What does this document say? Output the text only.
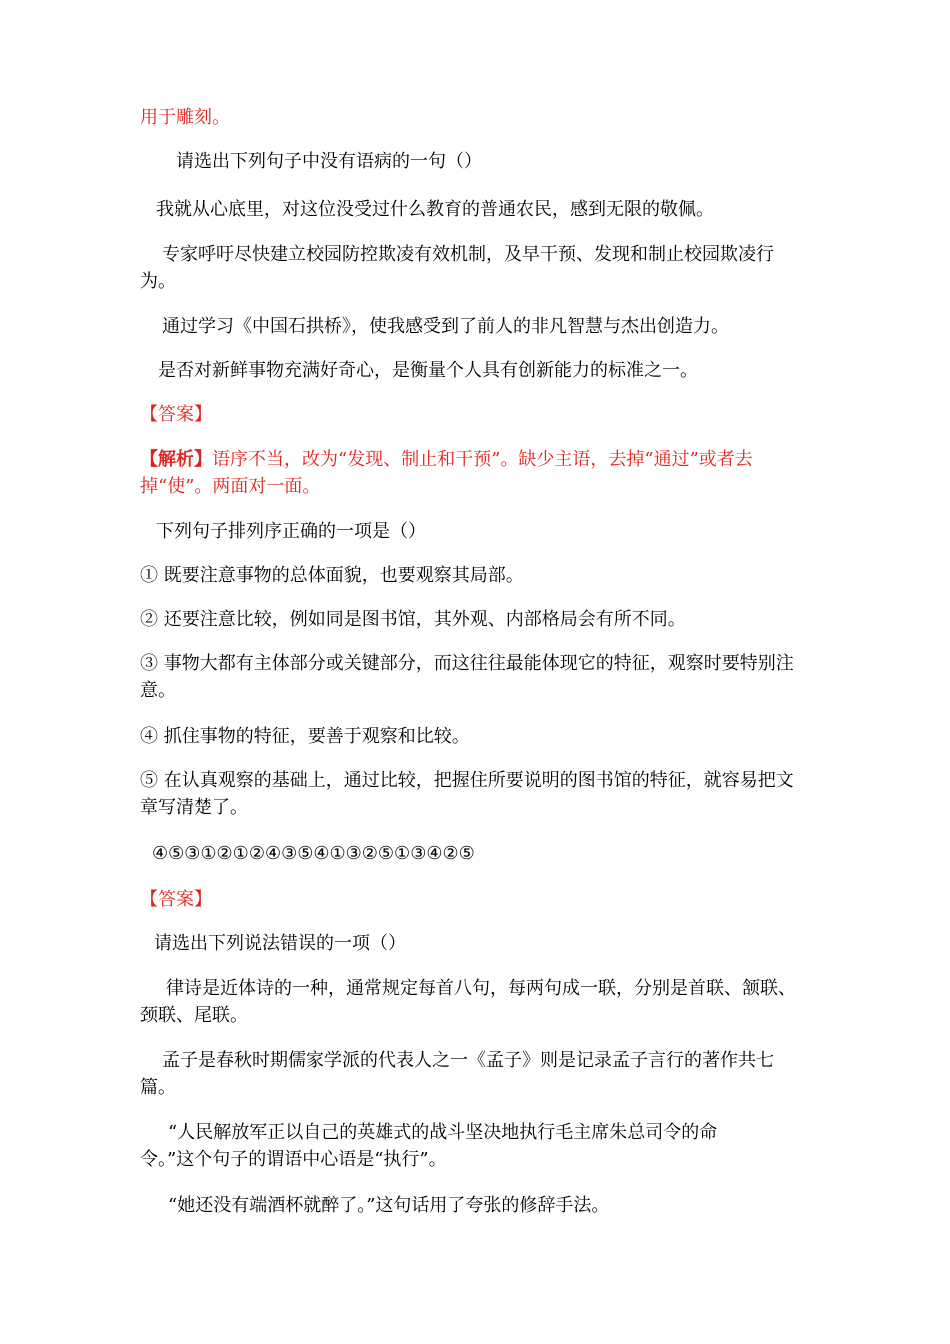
用于雕刻。
请选出下列句子中没有语病的一句（）
我就从心底里，对这位没受过什么教育的普通农民，感到无限的敬佩。
专家呼吁尽快建立校园防控欺凌有效机制，及早干预、发现和制止校园欺凌行为。
通过学习《中国石拱桥》，使我感受到了前人的非凡智慧与杰出创造力。
是否对新鲜事物充满好奇心，是衡量个人具有创新能力的标准之一。
【答案】
【解析】语序不当，改为“发现、制止和干预”。缺少主语，去掉“通过”或者去掉“使”。两面对一面。
下列句子排列序正确的一项是（）
① 既要注意事物的总体面貌，也要观察其局部。
② 还要注意比较，例如同是图书馆，其外观、内部格局会有所不同。
③ 事物大都有主体部分或关键部分，而这往往最能体现它的特征，观察时要特别注意。
④ 抓住事物的特征，要善于观察和比较。
⑤ 在认真观察的基础上，通过比较，把握住所要说明的图书馆的特征，就容易把文章写清楚了。
④⑤③①②①②④③⑤④①③②⑤①③④②⑤
【答案】
请选出下列说法错误的一项（）
律诗是近体诗的一种，通常规定每首八句，每两句成一联，分别是首联、颔联、颈联、尾联。
孟子是春秋时期儒家学派的代表人之一《孟子》则是记录孟子言行的著作共七篇。
“人民解放军正以自己的英雄式的战斗坚决地执行毛主席朱总司令的命令。”这个句子的谓语中心语是“执行”。
“她还没有端酒杯就醉了。”这句话用了夸张的修辞手法。
